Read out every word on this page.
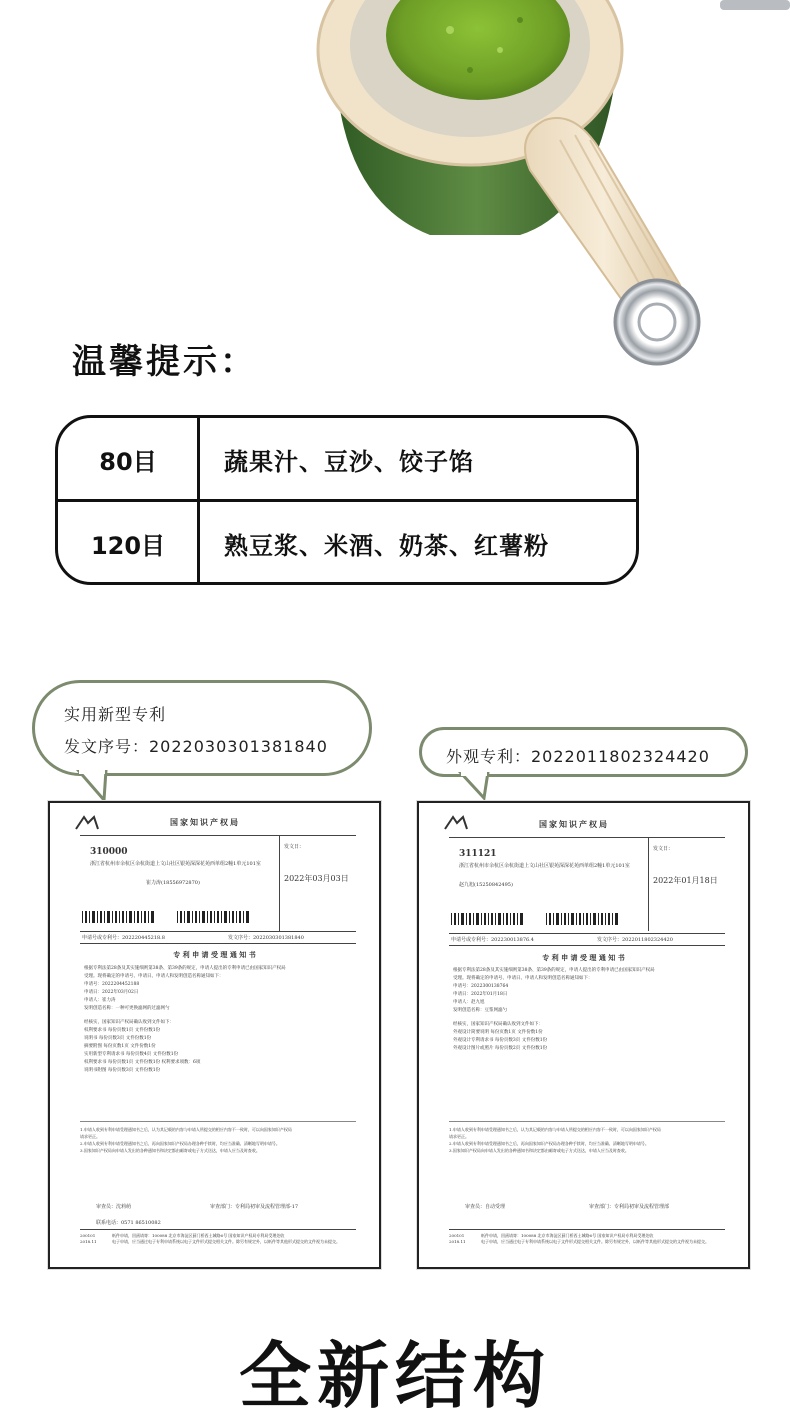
温馨提示：
80目	蔬果汁、豆沙、饺子馅
120目	熟豆浆、米酒、奶茶、红薯粉
实用新型专利
发文序号：2022030301381840
外观专利：2022011802324420
国家知识产权局
310000
浙江省杭州市余杭区余杭街道上文山社区银苑深深花苑西单组2幢1单元101室
崔力涛(18556972870)
发文日：
2022年03月03日
申请号或专利号：202220445218.8	发文序号：2022030301381840
专 利 申 请 受 理 通 知 书
根据专利法第28条及其实施细则第38条、第39条的规定，申请人提出的专利申请已由国家知识产权局
受理。现将确定的申请号、申请日、申请人和发明创造名称通知如下：
申请号：2022204452188
申请日：2022年03月02日
申请人：崔力涛
发明创造名称：一种可更换滤网的过滤网勺
经核实，国家知识产权局确认收到文件如下：
权利要求书 每份页数1页 文件份数1份
说明书 每份页数3页 文件份数1份
摘要附图 每份页数1页 文件份数1份
实用新型专利请求书 每份页数4页 文件份数1份
权利要求书 每份页数1页 文件份数1份 权利要求项数：6项
说明书附图 每份页数3页 文件份数1份
1.申请人收到专利申请受理通知书之后，认为其记载的内容与申请人所提交的相应内容不一致时，可以向国家知识产权局
请求更正。
2.申请人收到专利申请受理通知书之后，再向国家知识产权局办理各种手续时，均应当准确、清晰地写明申请号。
3.国家知识产权局向申请人发出的各种通知书和决定都由邮寄或电子方式送达，申请人应当及时查收。
审查员：沈莉萌	审查部门：专利局初审及流程管理部-17
联系电话：0571 86510082
200101
2018.11
纸件申请，回函请寄：100088 北京市海淀区蓟门桥西土城路6号 国家知识产权局专利局受理处收
电子申请，应当通过电子专利申请系统以电子文件形式提交相关文件。除另有规定外，以纸件等其他形式提交的文件视为未提交。
国家知识产权局
311121
浙江省杭州市余杭区余杭街道上文山社区银苑深深花苑西单组2幢1单元101室
赵九旭(15250842495)
发文日：
2022年01月18日
申请号或专利号：202230013876.4	发文序号：2022011802324420
专 利 申 请 受 理 通 知 书
根据专利法第28条及其实施细则第38条、第39条的规定，申请人提出的专利申请已由国家知识产权局
受理。现将确定的申请号、申请日、申请人和发明创造名称通知如下：
申请号：2022300138764
申请日：2022年01月18日
申请人：赵九旭
发明创造名称：豆浆网滤勺
经核实，国家知识产权局确认收到文件如下：
外观设计简要说明 每份页数1页 文件份数1份
外观设计专利请求书 每份页数3页 文件份数1份
外观设计图片或照片 每份页数2页 文件份数1份
1.申请人收到专利申请受理通知书之后，认为其记载的内容与申请人所提交的相应内容不一致时，可以向国家知识产权局
请求更正。
2.申请人收到专利申请受理通知书之后，再向国家知识产权局办理各种手续时，均应当准确、清晰地写明申请号。
3.国家知识产权局向申请人发出的各种通知书和决定都由邮寄或电子方式送达，申请人应当及时查收。
审查员：自动受理	审查部门：专利局初审及流程管理部
200101
2018.11
纸件申请，回函请寄：100088 北京市海淀区蓟门桥西土城路6号 国家知识产权局专利局受理处收
电子申请，应当通过电子专利申请系统以电子文件形式提交相关文件。除另有规定外，以纸件等其他形式提交的文件视为未提交。
全新结构
